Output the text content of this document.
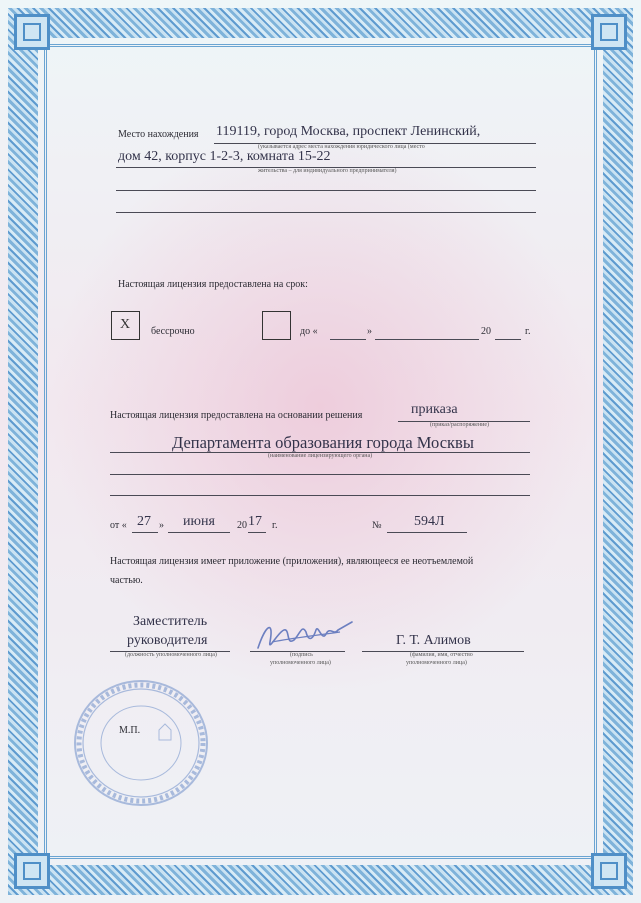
Место нахождения 119119, город Москва, проспект Ленинский,
(указывается адрес места нахождения юридического лица (место
дом 42, корпус 1-2-3, комната 15-22
жительства – для индивидуального предпринимателя)
Настоящая лицензия предоставлена на срок:
X бессрочно	до «	»	20	г.
Настоящая лицензия предоставлена на основании решения	приказа
(приказ/распоряжение)
Департамента образования города Москвы
(наименование лицензирующего органа)
от « 27 » июня 20 17 г.	№ 594Л
Настоящая лицензия имеет приложение (приложения), являющееся ее неотъемлемой
частью.
Заместитель
руководителя
(должность уполномоченного лица)	(подпись
уполномоченного лица)
Г. Т. Алимов
(фамилия, имя, отчество
уполномоченного лица)
М.П.
